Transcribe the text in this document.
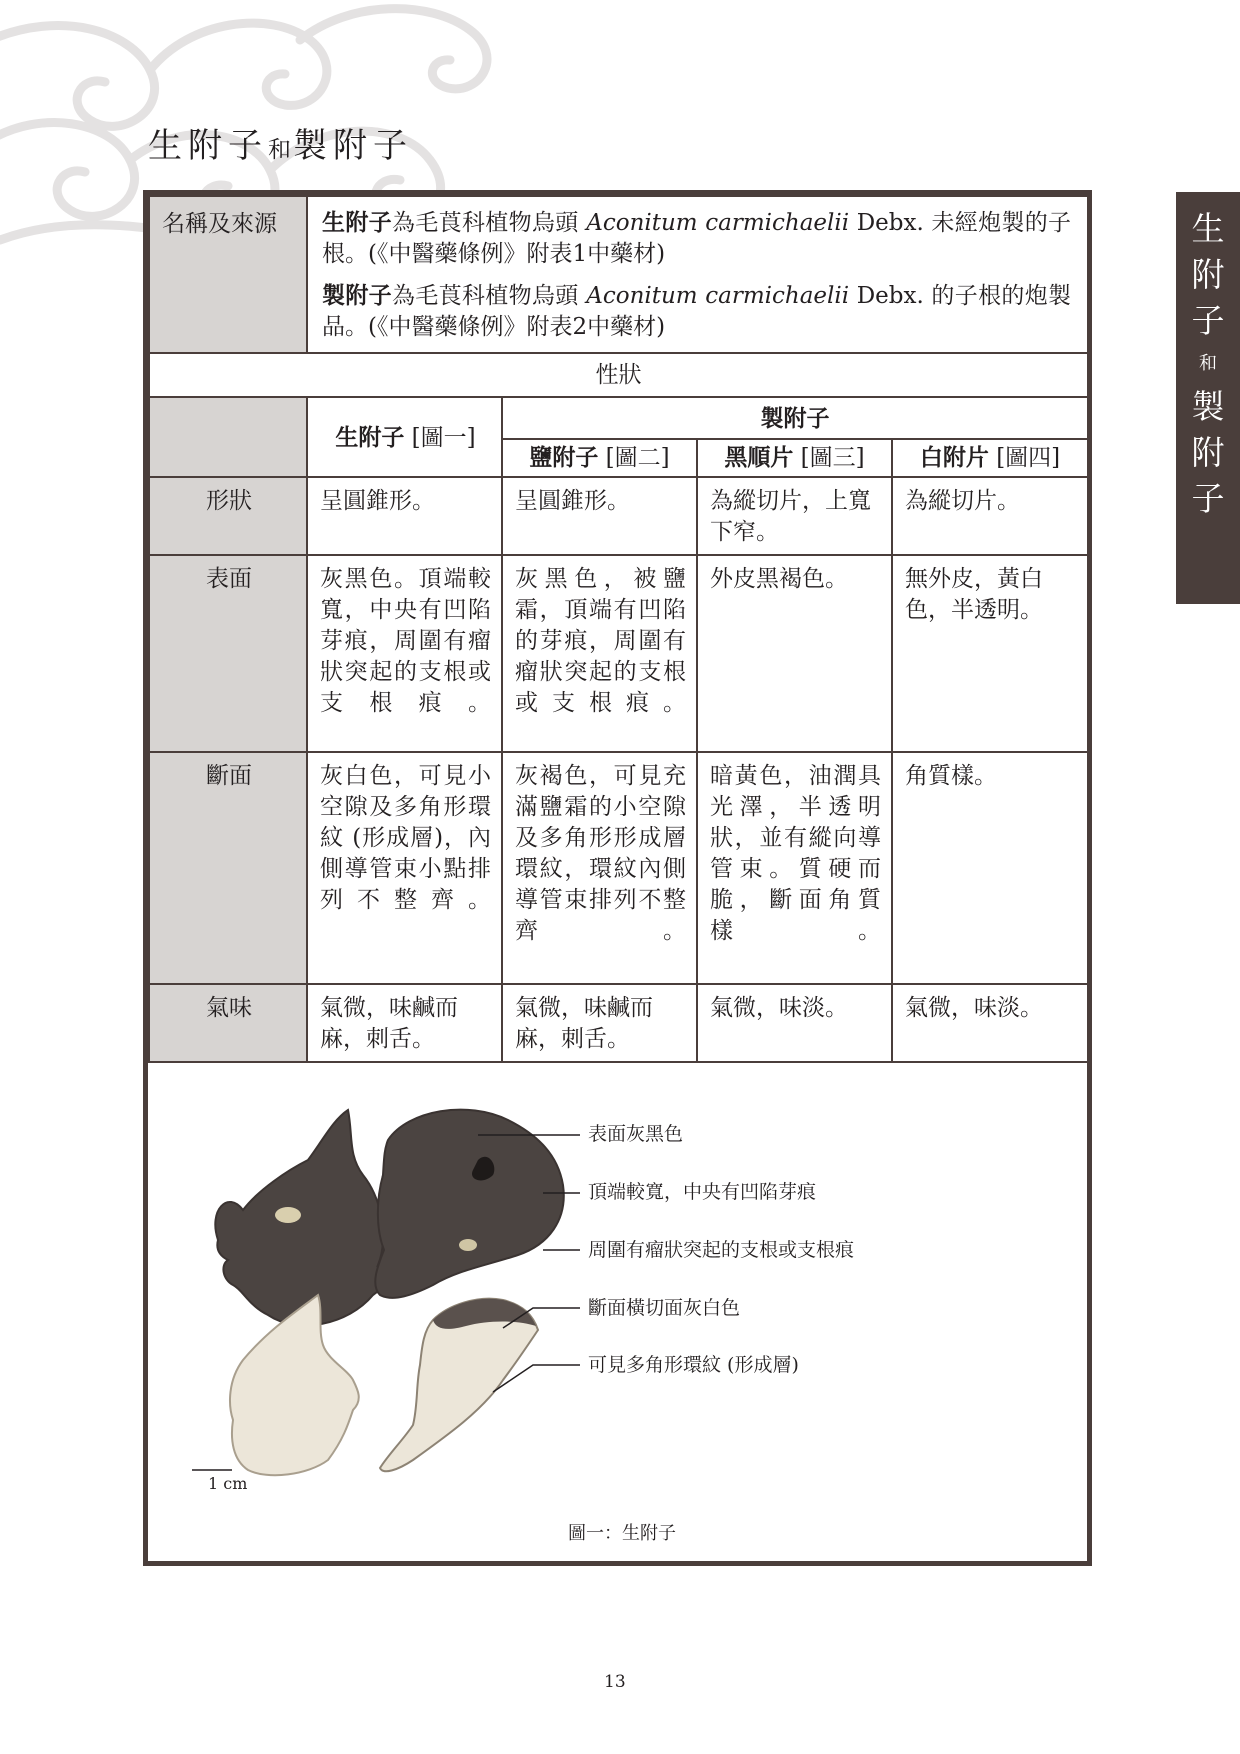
生附子和製附子
生
附
子
和
製
附
子
名稱及來源	生附子為毛莨科植物烏頭 Aconitum carmichaelii Debx. 未經炮製的子根。(《中醫藥條例》附表1中藥材)

製附子為毛莨科植物烏頭 Aconitum carmichaelii Debx. 的子根的炮製品。(《中醫藥條例》附表2中藥材)			

性狀				
	生附子 [圖一]	製附子		
		鹽附子 [圖二]	黑順片 [圖三]	白附片 [圖四]
形狀	呈圓錐形。	呈圓錐形。	為縱切片，上寬下窄。	為縱切片。
表面	灰黑色。頂端較寬，中央有凹陷芽痕，周圍有瘤狀突起的支根或支根痕。	灰黑色，被鹽霜，頂端有凹陷的芽痕，周圍有瘤狀突起的支根或支根痕。	外皮黑褐色。	無外皮，黃白色，半透明。
斷面	灰白色，可見小空隙及多角形環紋 (形成層)，內側導管束小點排列不整齊。	灰褐色，可見充滿鹽霜的小空隙及多角形形成層環紋，環紋內側導管束排列不整齊。	暗黃色，油潤具光澤，半透明狀，並有縱向導管束。質硬而脆，斷面角質樣。	角質樣。
氣味	氣微，味鹹而麻，刺舌。	氣微，味鹹而麻，刺舌。	氣微，味淡。	氣微，味淡。
表面灰黑色
頂端較寬，中央有凹陷芽痕
周圍有瘤狀突起的支根或支根痕
斷面橫切面灰白色
可見多角形環紋 (形成層)
1 cm
圖一：生附子
13
